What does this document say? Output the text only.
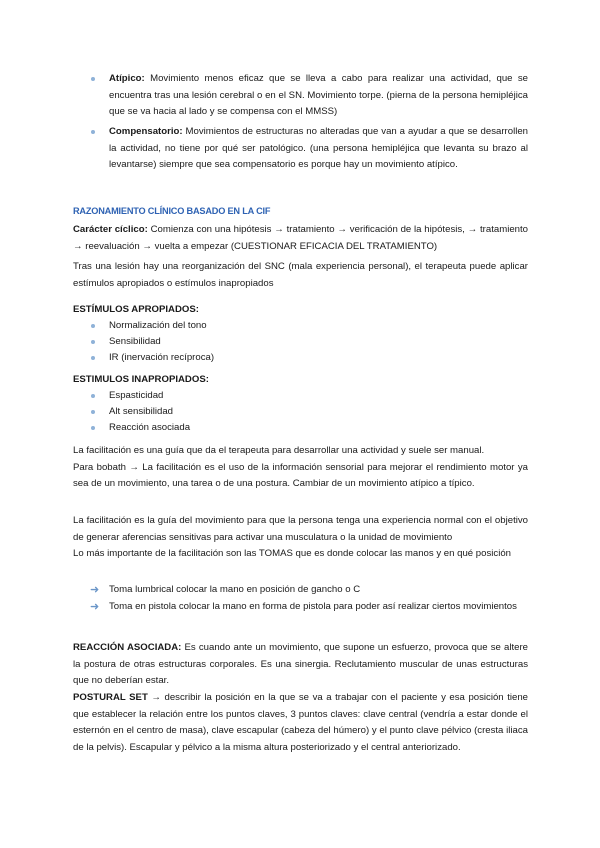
Atípico: Movimiento menos eficaz que se lleva a cabo para realizar una actividad, que se encuentra tras una lesión cerebral o en el SN. Movimiento torpe. (pierna de la persona hemipléjica que se va hacia al lado y se compensa con el MMSS)

Compensatorio: Movimientos de estructuras no alteradas que van a ayudar a que se desarrollen la actividad, no tiene por qué ser patológico. (una persona hemipléjica que levanta su brazo al levantarse) siempre que sea compensatorio es porque hay un movimiento atípico.

RAZONAMIENTO CLÍNICO BASADO EN LA CIF

Carácter cíclico: Comienza con una hipótesis → tratamiento → verificación de la hipótesis, → tratamiento → reevaluación → vuelta a empezar (CUESTIONAR EFICACIA DEL TRATAMIENTO)

Tras una lesión hay una reorganización del SNC (mala experiencia personal), el terapeuta puede aplicar estímulos apropiados o estímulos inapropiados

ESTÍMULOS APROPIADOS:

Normalización del tono
Sensibilidad
IR (inervación recíproca)

ESTIMULOS INAPROPIADOS:

Espasticidad
Alt sensibilidad
Reacción asociada

La facilitación es una guía que da el terapeuta para desarrollar una actividad y suele ser manual.

Para bobath → La facilitación es el uso de la información sensorial para mejorar el rendimiento motor ya sea de un movimiento, una tarea o de una postura. Cambiar de un movimiento atípico a típico.

La facilitación es la guía del movimiento para que la persona tenga una experiencia normal con el objetivo de generar aferencias sensitivas para activar una musculatura o la unidad de movimiento

Lo más importante de la facilitación son las TOMAS que es donde colocar las manos y en qué posición

➜ Toma lumbrical colocar la mano en posición de gancho o C

➜ Toma en pistola colocar la mano en forma de pistola para poder así realizar ciertos movimientos

REACCIÓN ASOCIADA: Es cuando ante un movimiento, que supone un esfuerzo, provoca que se altere la postura de otras estructuras corporales. Es una sinergia. Reclutamiento muscular de unas estructuras que no deberían estar.

POSTURAL SET → describir la posición en la que se va a trabajar con el paciente y esa posición tiene que establecer la relación entre los puntos claves, 3 puntos claves: clave central (vendría a estar donde el esternón en el centro de masa), clave escapular (cabeza del húmero) y el punto clave pélvico (cresta iliaca de la pelvis). Escapular y pélvico a la misma altura posteriorizado y el central anteriorizado.
